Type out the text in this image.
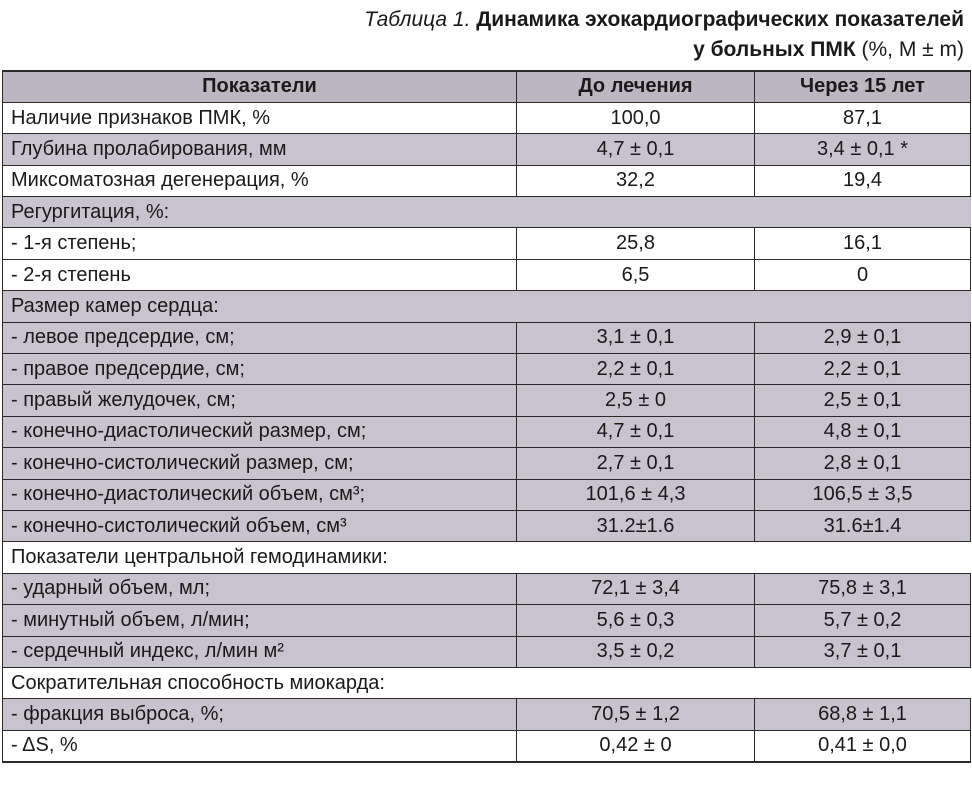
Таблица 1. Динамика эхокардиографических показателей
у больных ПМК (%, M ± m)
Показатели	До лечения	Через 15 лет
Наличие признаков ПМК, %	100,0	87,1
Глубина пролабирования, мм	4,7 ± 0,1	3,4 ± 0,1 *
Миксоматозная дегенерация, %	32,2	19,4
Регургитация, %:		
- 1-я степень;	25,8	16,1
- 2-я степень	6,5	0
Размер камер сердца:		
- левое предсердие, см;	3,1 ± 0,1	2,9 ± 0,1
- правое предсердие, см;	2,2 ± 0,1	2,2 ± 0,1
- правый желудочек, см;	2,5 ± 0	2,5 ± 0,1
- конечно-диастолический размер, см;	4,7 ± 0,1	4,8 ± 0,1
- конечно-систолический размер, см;	2,7 ± 0,1	2,8 ± 0,1
- конечно-диастолический объем, см³;	101,6 ± 4,3	106,5 ± 3,5
- конечно-систолический объем, см³	31.2±1.6	31.6±1.4
Показатели центральной гемодинамики:		
- ударный объем, мл;	72,1 ± 3,4	75,8 ± 3,1
- минутный объем, л/мин;	5,6 ± 0,3	5,7 ± 0,2
- сердечный индекс, л/мин м²	3,5 ± 0,2	3,7 ± 0,1
Сократительная способность миокарда:		
- фракция выброса, %;	70,5 ± 1,2	68,8 ± 1,1
- ΔS, %	0,42 ± 0	0,41 ± 0,0
